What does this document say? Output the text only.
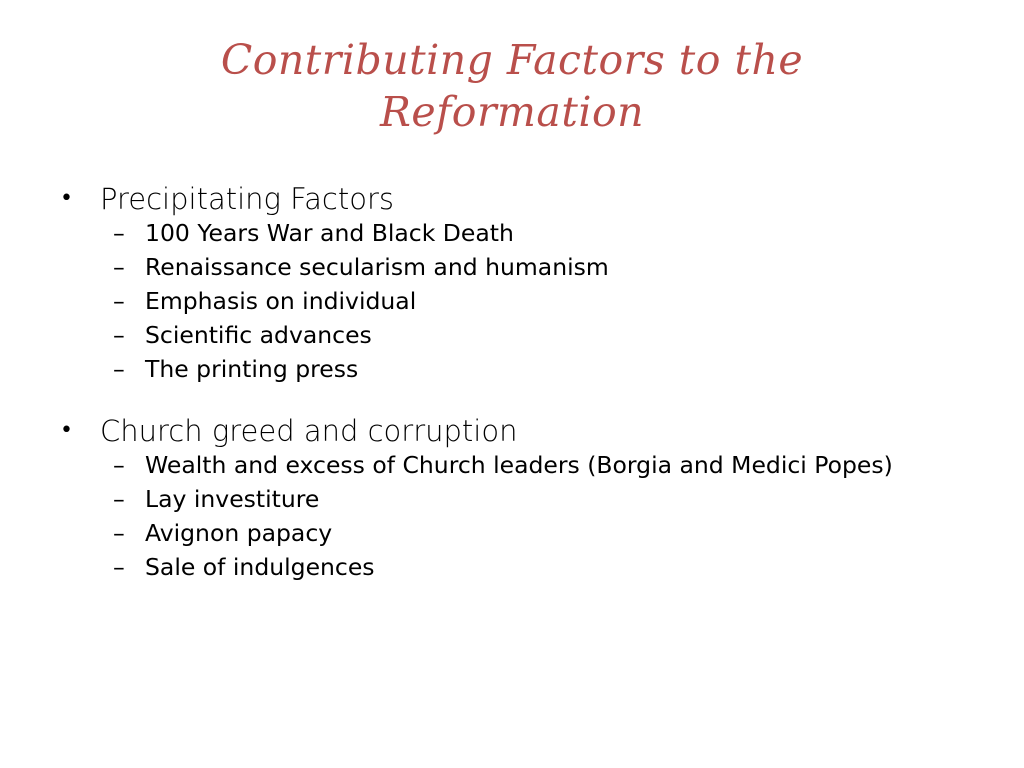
Contributing Factors to the
Reformation
• Precipitating Factors
– 100 Years War and Black Death
– Renaissance secularism and humanism
– Emphasis on individual
– Scientific advances
– The printing press
• Church greed and corruption
– Wealth and excess of Church leaders (Borgia and Medici Popes)
– Lay investiture
– Avignon papacy
– Sale of indulgences
